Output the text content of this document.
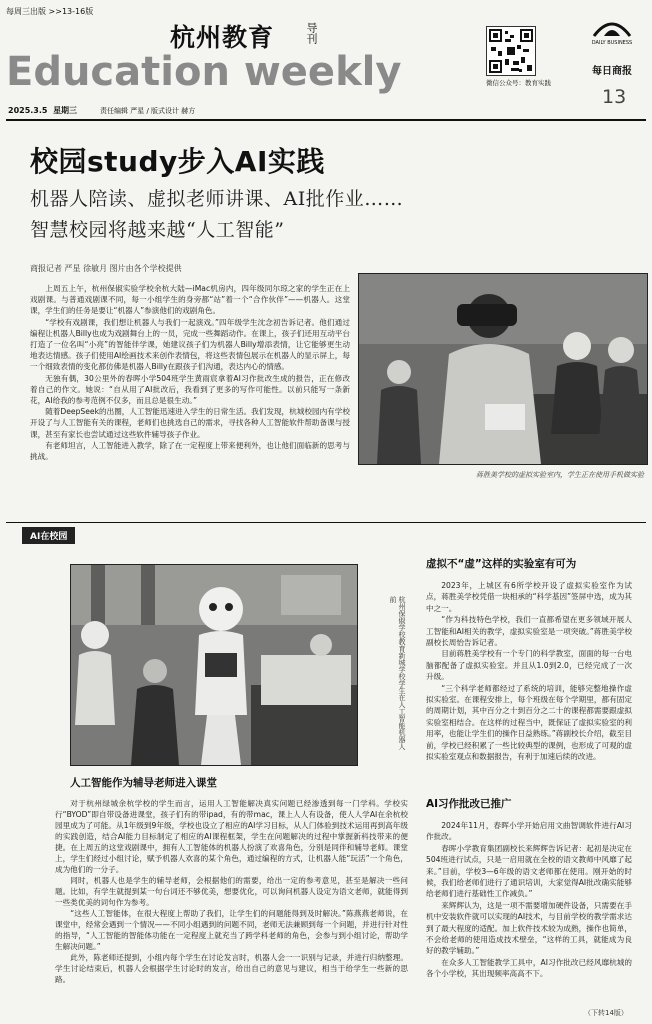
每周三出版 >>13-16版
杭州教育	导刊
Education weekly	微信公众号：教育实践
DAILY BUSINESS
每日商报
13
2025.3.5 星期三	责任编辑 严星 / 版式设计 赫方
校园study步入AI实践
机器人陪读、虚拟老师讲课、AI批作业……
智慧校园将越来越“人工智能”
商报记者 严星 徐敏月 图片由各个学校提供

上周五上午，杭州保俶实验学校余杭大陆—iMac机房内，四年级同尔琼之家的学生正在上戏剧课。与普通戏剧课不同，每一小组学生的身旁都“站”着一个“合作伙伴”——机器人。这堂课，学生们的任务是要让“机器人”参演他们的戏剧角色。

“学校有戏剧课，我们想让机器人与我们一起演戏。”四年级学生沈念初告诉记者。他们通过编程让机器人Billy也成为戏剧舞台上的一员，完成一些舞蹈动作。在课上，孩子们还用互动平台打造了一位名叫“小亮”的智能伴学课，她建议孩子们为机器人Billy增添表情，让它能够更生动地表达情感。孩子们使用AI绘画技术来创作表情包，将这些表情包展示在机器人的显示屏上，每一个细致表情的变化都仿佛是机器人Billy在跟孩子们沟通，表达内心的情感。

无独有偶，30公里外的春晖小学504班学生黄雨宸拿着AI习作批改生成的报告，正在修改着自己的作文。她说：“自从用了AI批改后，我看到了更多的写作可能性。以前只能写一条新花，AI给我的参考范例不仅多，而且总是很生动。”

随着DeepSeek的出圈，人工智能迅速进入学生的日常生活。我们发现，杭城校园内有学校开设了与人工智能有关的课程，老师们也挑选自己的需求，寻找各种人工智能软件帮助备课与授课，甚至有家长也尝试通过这些软件辅导孩子作业。

有老师坦言，人工智能进入教学，除了在一定程度上带来便利外，也让他们面临新的思考与挑战。

蒋胜美学校的虚拟实验室内，学生正在使用手机做实验
AI在校园
杭州保俶学校教育新城学校学生在人工智能机器人前
人工智能作为辅导老师进入课堂

对于杭州绿城余杭学校的学生而言，运用人工智能解决真实问题已经渗透到每一门学科。学校实行“BYOD”即自带设备进课堂，孩子们有的带ipad，有的带mac，课上人人有设备，使人人学AI在余杭校园里成为了可能。从1年级到9年级，学校也设立了相应的AI学习目标，从人门体验到技术运用再到高年级的实践创造，结合AI能力目标制定了相应的AI课程框架，学生在问题解决的过程中掌握新科技带来的便捷。在上周五的这堂戏剧课中，拥有人工智能体的机器人扮演了欢喜角色，分别是同伴和辅导老师。课堂上，学生们经过小组讨论，赋予机器人欢喜的某个角色，通过编程的方式，让机器人能“玩活”一个角色，成为他们的一分子。

同时，机器人也是学生的辅导老师，会根据他们的需要，给出一定的参考意见，甚至是解决一些问题。比如，有学生就提到某一句台词还不够优美，想要优化，可以询问机器人设定为语文老师，就能得到一些类优美的词句作为参考。

“这些人工智能体，在很大程度上帮助了我们，让学生们的问题能得到及时解决。”陈燕燕老师说，在课堂中，经常会遇到一个情况——不同小组遇到的问题不同，老师无法兼顾到每一个问题，并进行针对性的指导，“人工智能的智能体功能在一定程度上就充当了跨学科老师的角色，会参与到小组讨论，帮助学生解决问题。”

此外，陈老师还提到，小组内每个学生在讨论发言时，机器人会一一识别与记录，并进行归纳整理。学生讨论结束后，机器人会根据学生讨论时的发言，给出自己的意见与建议，相当于给学生一些新的思路。

虚拟不“虚”这样的实验室有可为

2023年，上城区有6所学校开设了虚拟实验室作为试点，蒋胜美学校凭借一块相承的“科学基因”签屏中选，成为其中之一。

“作为科技特色学校，我们一直都希望在更多领域开展人工智能和AI相关的教学，虚拟实验室是一项突破。”蒋胜美学校副校长周怡告诉记者。

目前蒋胜美学校有一个专门的科学教室，面面的每一台电脑都配备了虚拟实验室。并且从1.0到2.0，已经完成了一次升级。

“三个科学老师都经过了系统的培训，能够完整地操作虚拟实验室。在课程安排上，每个班级在每个学期里，都有固定的周期计划，其中百分之十到百分之二十的课程都需要跟虚拟实验室相结合。在这样的过程当中，既保证了虚拟实验室的利用率，也能让学生们的操作日益熟练。”蒋副校长介绍，截至目前，学校已经积累了一些比较典型的课例，也形成了可观的虚拟实验室观点和数据报告，有利于加速后续的改进。

AI习作批改已推广

2024年11月，春晖小学开始启用文曲智调软件进行AI习作批改。

春晖小学教育集团副校长来辉辉告诉记者：起初是决定在504班进行试点，只是一启用就在全校的语文教师中风靡了起来。”目前，学校3—6年级的语文老师都在使用。刚开始的时候，我们给老师们进行了通识培训，大家觉得AI批改确实能够给老师们进行基础性工作减负。”

来辉辉认为，这是一项不需要增加硬件设备，只需要在手机中安装软件就可以实现的AI技术，与目前学校的教学需求达到了最大程度的适配。加上软件技术较为成熟，操作也简单，不会给老师的使用造成技术壁垒，“这样的工具，就能成为良好的教学辅助。”

在众多人工智能教学工具中，AI习作批改已经风靡杭城的各个小学校，其出现频率高高不下。

（下转14版）
